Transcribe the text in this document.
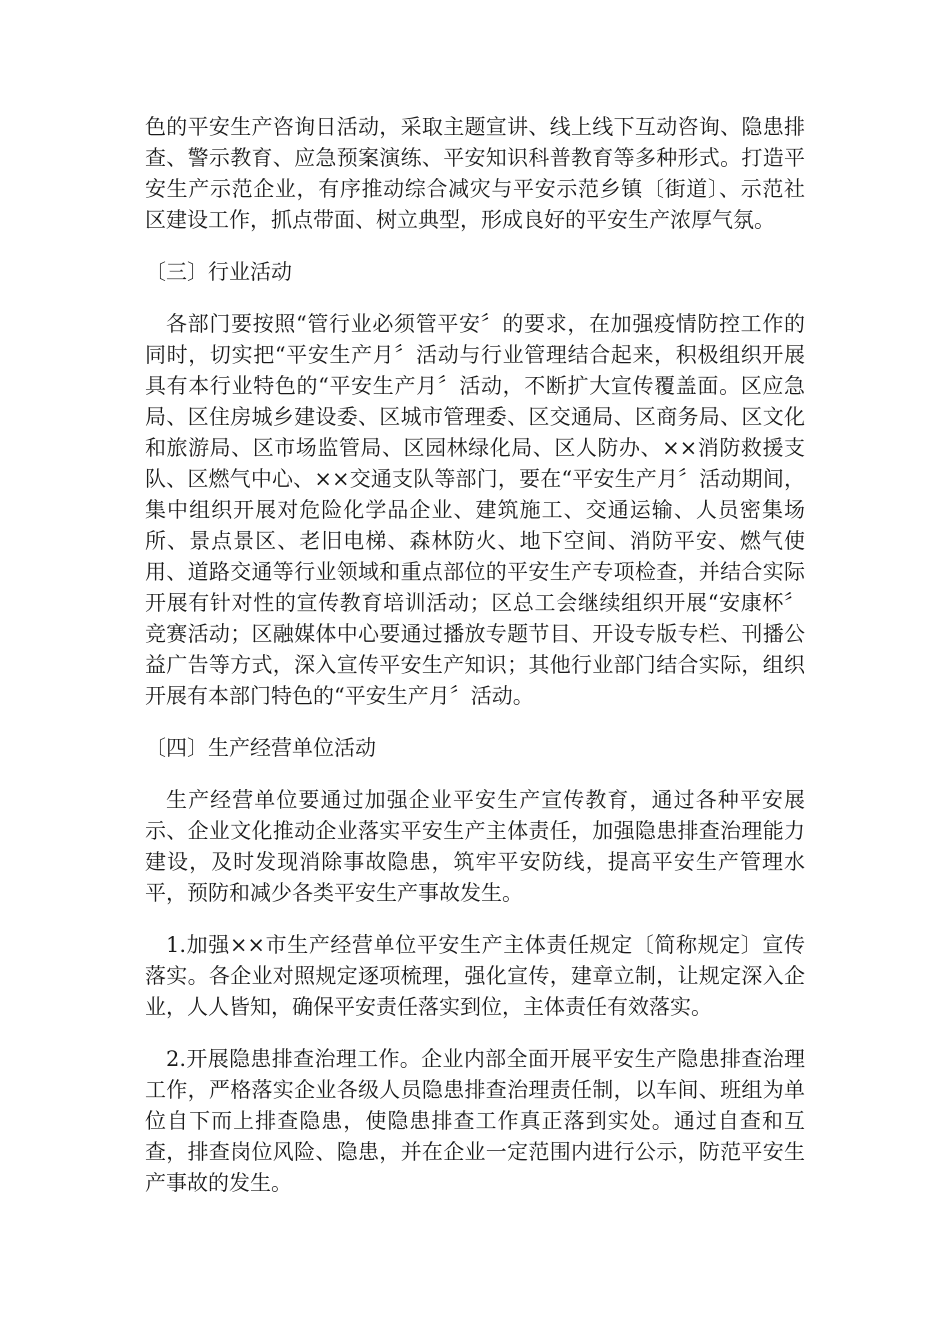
色的平安生产咨询日活动，采取主题宣讲、线上线下互动咨询、隐患排查、警示教育、应急预案演练、平安知识科普教育等多种形式。打造平安生产示范企业，有序推动综合减灾与平安示范乡镇〔街道〕、示范社区建设工作，抓点带面、树立典型，形成良好的平安生产浓厚气氛。

〔三〕行业活动

各部门要按照“管行业必须管平安〞的要求，在加强疫情防控工作的同时，切实把“平安生产月〞活动与行业管理结合起来，积极组织开展具有本行业特色的“平安生产月〞活动，不断扩大宣传覆盖面。区应急局、区住房城乡建设委、区城市管理委、区交通局、区商务局、区文化和旅游局、区市场监管局、区园林绿化局、区人防办、××消防救援支队、区燃气中心、××交通支队等部门，要在“平安生产月〞活动期间，集中组织开展对危险化学品企业、建筑施工、交通运输、人员密集场所、景点景区、老旧电梯、森林防火、地下空间、消防平安、燃气使用、道路交通等行业领域和重点部位的平安生产专项检查，并结合实际开展有针对性的宣传教育培训活动；区总工会继续组织开展“安康杯〞竞赛活动；区融媒体中心要通过播放专题节目、开设专版专栏、刊播公益广告等方式，深入宣传平安生产知识；其他行业部门结合实际，组织开展有本部门特色的“平安生产月〞活动。

〔四〕生产经营单位活动

生产经营单位要通过加强企业平安生产宣传教育，通过各种平安展示、企业文化推动企业落实平安生产主体责任，加强隐患排查治理能力建设，及时发现消除事故隐患，筑牢平安防线，提高平安生产管理水平，预防和减少各类平安生产事故发生。

1.加强××市生产经营单位平安生产主体责任规定〔简称规定〕宣传落实。各企业对照规定逐项梳理，强化宣传，建章立制，让规定深入企业，人人皆知，确保平安责任落实到位，主体责任有效落实。

2.开展隐患排查治理工作。企业内部全面开展平安生产隐患排查治理工作，严格落实企业各级人员隐患排查治理责任制，以车间、班组为单位自下而上排查隐患，使隐患排查工作真正落到实处。通过自查和互查，排查岗位风险、隐患，并在企业一定范围内进行公示，防范平安生产事故的发生。
